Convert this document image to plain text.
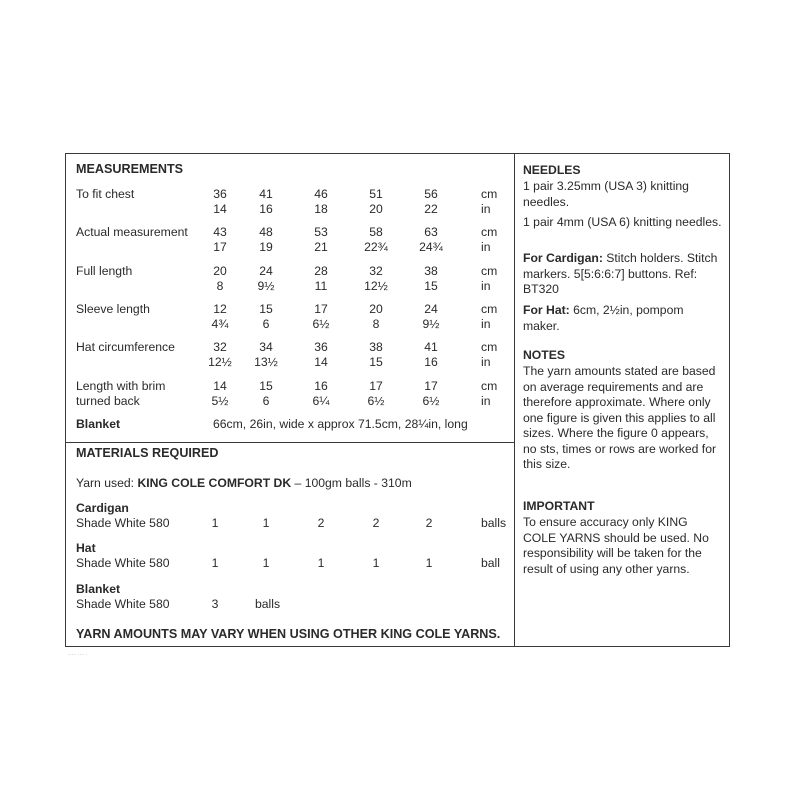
MEASUREMENTS
To fit chest	36	41	46	51	56	cm
14	16	18	20	22	in
Actual measurement	43	48	53	58	63	cm
17	19	21	22¾	24¾	in
Full length	20	24	28	32	38	cm
8	9½	11	12½	15	in
Sleeve length	12	15	17	20	24	cm
4¾	6	6½	8	9½	in
Hat circumference	32	34	36	38	41	cm
12½	13½	14	15	16	in
Length with brim
turned back
14	15	16	17	17	cm
5½	6	6¼	6½	6½	in
Blanket	66cm, 26in, wide x approx 71.5cm, 28¼in, long
MATERIALS REQUIRED
Yarn used: KING COLE COMFORT DK – 100gm balls - 310m
Cardigan
Shade White 580	1	1	2	2	2	balls
Hat
Shade White 580	1	1	1	1	1	ball
Blanket
Shade White 580	3	balls
YARN AMOUNTS MAY VARY WHEN USING OTHER KING COLE YARNS.
NEEDLES
1 pair 3.25mm (USA 3) knitting needles.
1 pair 4mm (USA 6) knitting needles.
For Cardigan: Stitch holders. Stitch markers. 5[5:6:6:7] buttons. Ref: BT320
For Hat: 6cm, 2½in, pompom maker.
NOTES
The yarn amounts stated are based on average requirements and are therefore approximate. Where only one figure is given this applies to all sizes. Where the figure 0 appears, no sts, times or rows are worked for this size.
IMPORTANT
To ensure accuracy only KING COLE YARNS should be used. No responsibility will be taken for the result of using any other yarns.
····· ···· ·
